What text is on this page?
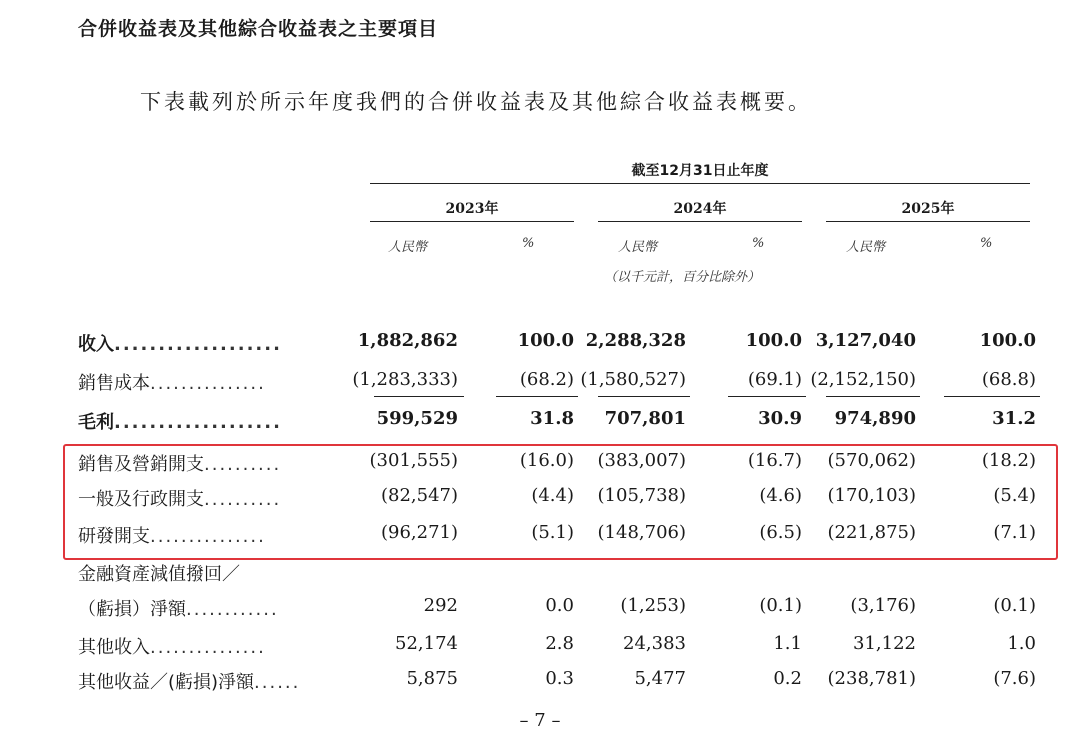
合併收益表及其他綜合收益表之主要項目
下表載列於所示年度我們的合併收益表及其他綜合收益表概要。
截至12月31日止年度
2023年	2024年	2025年
人民幣	%	人民幣	%	人民幣	%
（以千元計，百分比除外）
收入...................	1,882,862	100.0 2,288,328	100.0 3,127,040	100.0
銷售成本...............	(1,283,333)	(68.2) (1,580,527)	(69.1) (2,152,150)	(68.8)
毛利...................	599,529	31.8 707,801	30.9 974,890	31.2
銷售及營銷開支..........	(301,555)	(16.0) (383,007)	(16.7) (570,062)	(18.2)
一般及行政開支..........	(82,547)	(4.4) (105,738)	(4.6) (170,103)	(5.4)
研發開支...............	(96,271)	(5.1) (148,706)	(6.5) (221,875)	(7.1)
金融資產減值撥回／
（虧損）淨額............	292	0.0	(1,253)	(0.1)	(3,176)	(0.1)
其他收入...............	52,174	2.8	24,383	1.1	31,122	1.0
其他收益／(虧損)淨額......	5,875	0.3	5,477	0.2 (238,781)	(7.6)
– 7 –
